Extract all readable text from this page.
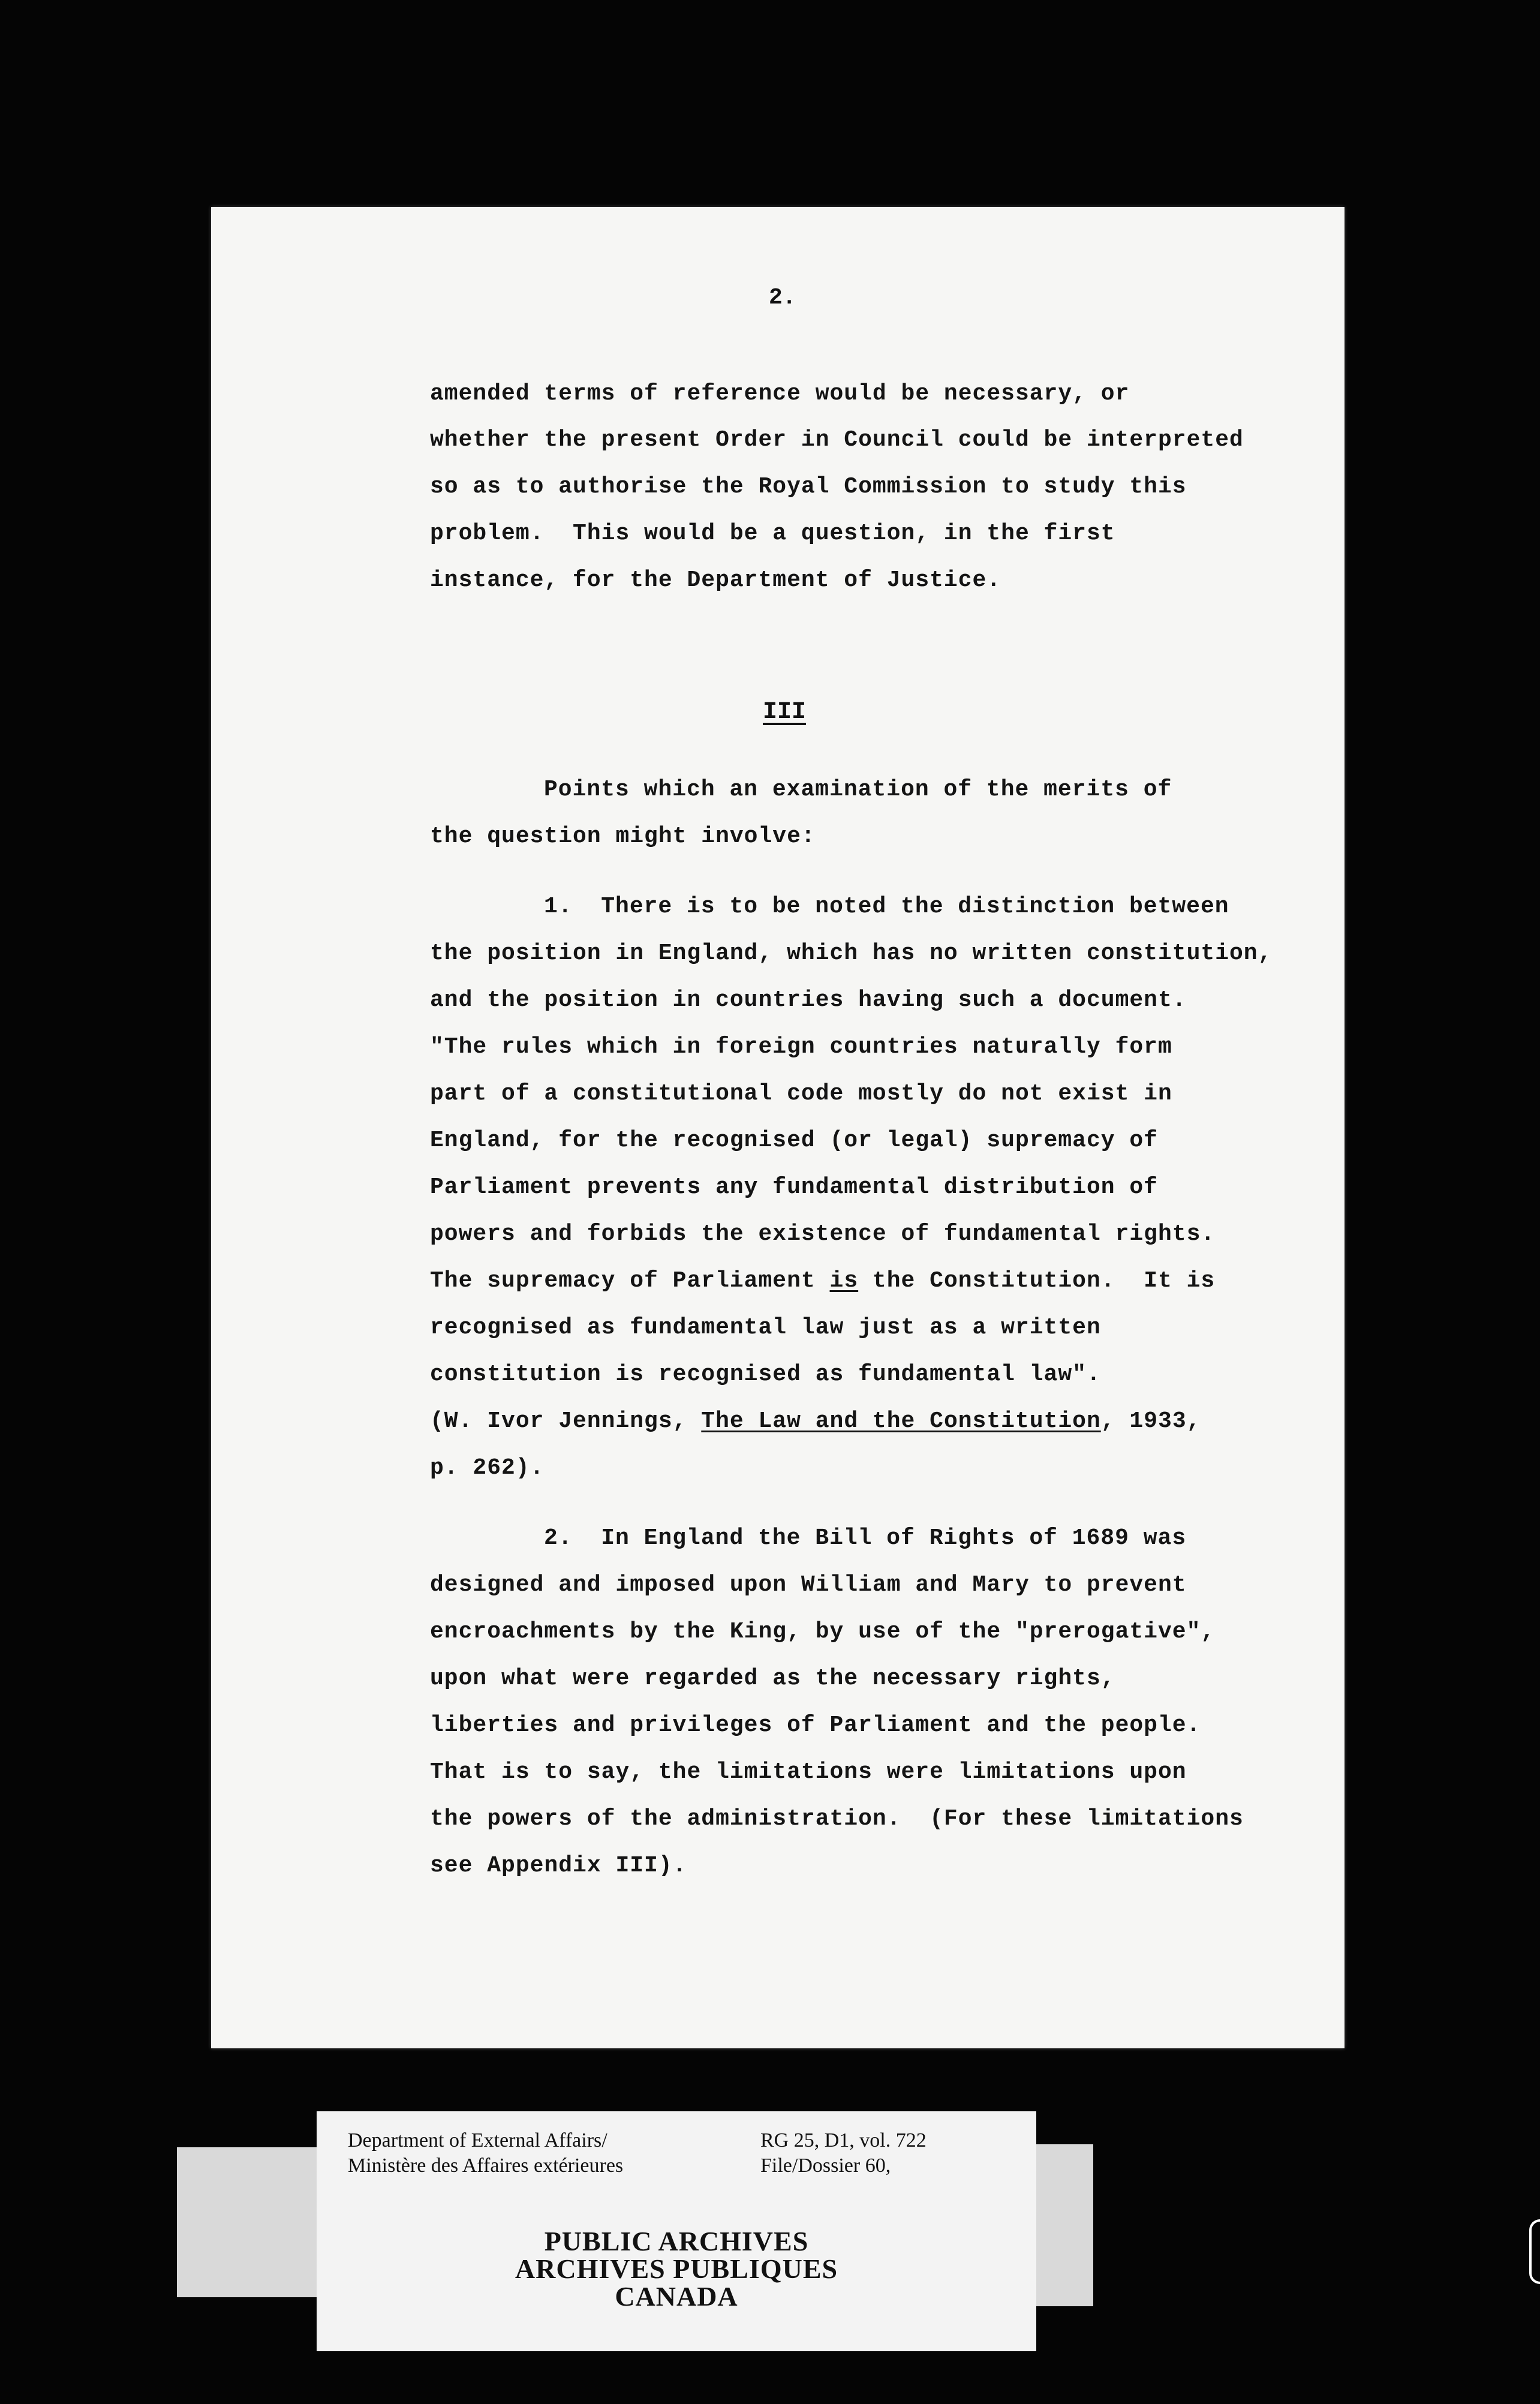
2.
amended terms of reference would be necessary, or
whether the present Order in Council could be interpreted
so as to authorise the Royal Commission to study this
problem.  This would be a question, in the first
instance, for the Department of Justice.
III
Points which an examination of the merits of
the question might involve:
1.  There is to be noted the distinction between
the position in England, which has no written constitution,
and the position in countries having such a document.
"The rules which in foreign countries naturally form
part of a constitutional code mostly do not exist in
England, for the recognised (or legal) supremacy of
Parliament prevents any fundamental distribution of
powers and forbids the existence of fundamental rights.
The supremacy of Parliament is the Constitution.  It is
recognised as fundamental law just as a written
constitution is recognised as fundamental law".
(W. Ivor Jennings, The Law and the Constitution, 1933,
p. 262).
2.  In England the Bill of Rights of 1689 was
designed and imposed upon William and Mary to prevent
encroachments by the King, by use of the "prerogative",
upon what were regarded as the necessary rights,
liberties and privileges of Parliament and the people.
That is to say, the limitations were limitations upon
the powers of the administration.  (For these limitations
see Appendix III).
Department of External Affairs/
Ministère des Affaires extérieures
RG 25, D1, vol. 722
File/Dossier 60,
PUBLIC ARCHIVES
ARCHIVES PUBLIQUES
CANADA
